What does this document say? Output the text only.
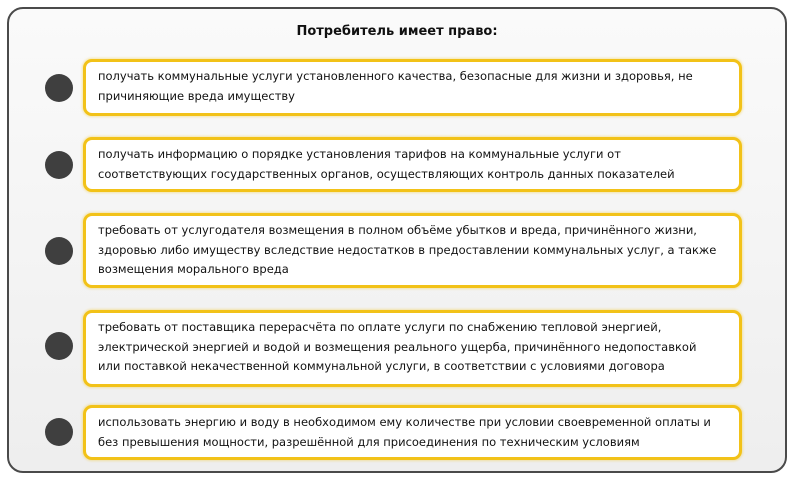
Потребитель имеет право:
получать коммунальные услуги установленного качества, безопасные для жизни и здоровья, не
причиняющие вреда имуществу
получать информацию о порядке установления тарифов на коммунальные услуги от
соответствующих государственных органов, осуществляющих контроль данных показателей
требовать от услугодателя возмещения в полном объёме убытков и вреда, причинённого жизни,
здоровью либо имуществу вследствие недостатков в предоставлении коммунальных услуг, а также
возмещения морального вреда
требовать от поставщика перерасчёта по оплате услуги по снабжению тепловой энергией,
электрической энергией и водой и возмещения реального ущерба, причинённого недопоставкой
или поставкой некачественной коммунальной услуги, в соответствии с условиями договора
использовать энергию и воду в необходимом ему количестве при условии своевременной оплаты и
без превышения мощности, разрешённой для присоединения по техническим условиям
